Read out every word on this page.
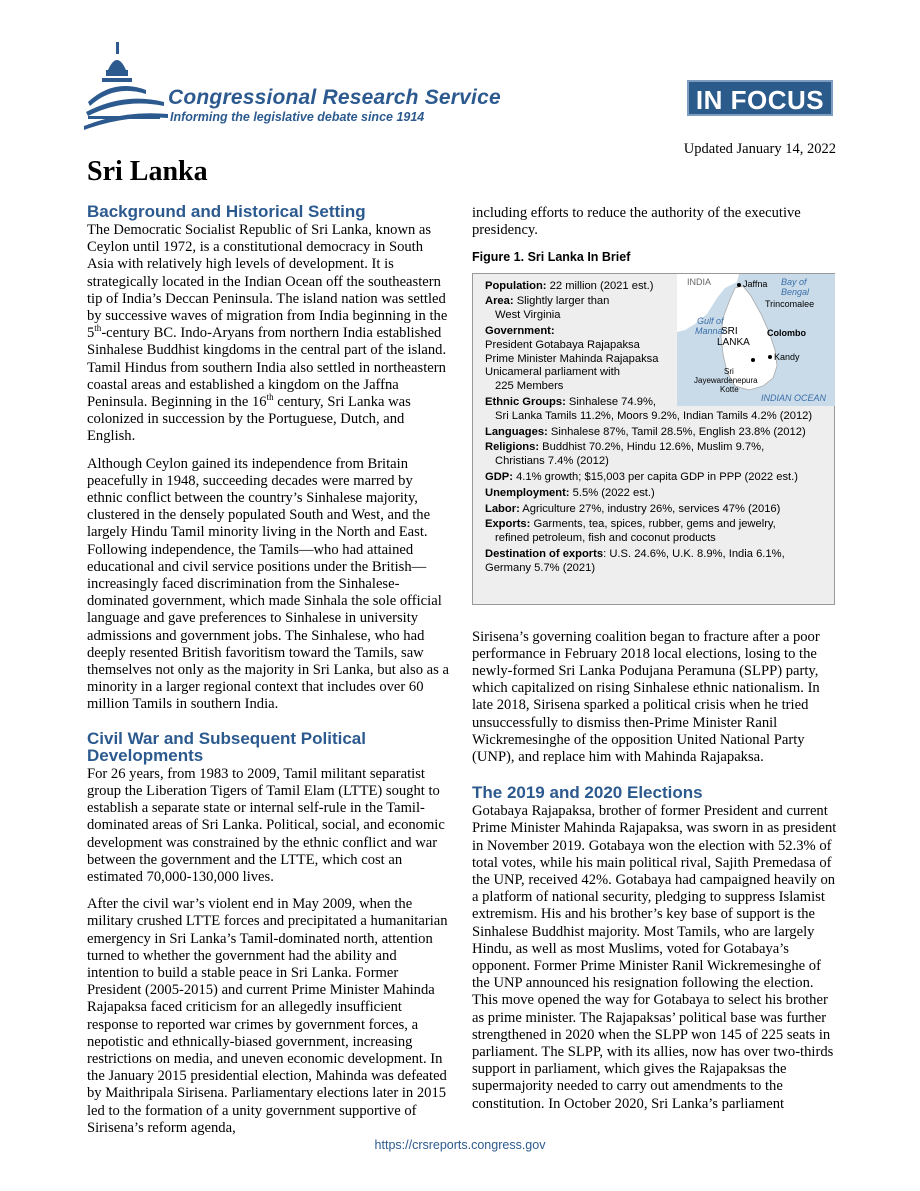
Congressional Research Service
Informing the legislative debate since 1914
IN FOCUS
Updated January 14, 2022
Sri Lanka
Background and Historical Setting

The Democratic Socialist Republic of Sri Lanka, known as Ceylon until 1972, is a constitutional democracy in South Asia with relatively high levels of development. It is strategically located in the Indian Ocean off the southeastern tip of India’s Deccan Peninsula. The island nation was settled by successive waves of migration from India beginning in the 5th-century BC. Indo-Aryans from northern India established Sinhalese Buddhist kingdoms in the central part of the island. Tamil Hindus from southern India also settled in northeastern coastal areas and established a kingdom on the Jaffna Peninsula. Beginning in the 16th century, Sri Lanka was colonized in succession by the Portuguese, Dutch, and English.

Although Ceylon gained its independence from Britain peacefully in 1948, succeeding decades were marred by ethnic conflict between the country’s Sinhalese majority, clustered in the densely populated South and West, and the largely Hindu Tamil minority living in the North and East. Following independence, the Tamils—who had attained educational and civil service positions under the British—increasingly faced discrimination from the Sinhalese-dominated government, which made Sinhala the sole official language and gave preferences to Sinhalese in university admissions and government jobs. The Sinhalese, who had deeply resented British favoritism toward the Tamils, saw themselves not only as the majority in Sri Lanka, but also as a minority in a larger regional context that includes over 60 million Tamils in southern India.

Civil War and Subsequent Political Developments

For 26 years, from 1983 to 2009, Tamil militant separatist group the Liberation Tigers of Tamil Elam (LTTE) sought to establish a separate state or internal self-rule in the Tamil-dominated areas of Sri Lanka. Political, social, and economic development was constrained by the ethnic conflict and war between the government and the LTTE, which cost an estimated 70,000-130,000 lives.

After the civil war’s violent end in May 2009, when the military crushed LTTE forces and precipitated a humanitarian emergency in Sri Lanka’s Tamil-dominated north, attention turned to whether the government had the ability and intention to build a stable peace in Sri Lanka. Former President (2005-2015) and current Prime Minister Mahinda Rajapaksa faced criticism for an allegedly insufficient response to reported war crimes by government forces, a nepotistic and ethnically-biased government, increasing restrictions on media, and uneven economic development. In the January 2015 presidential election, Mahinda was defeated by Maithripala Sirisena. Parliamentary elections later in 2015 led to the formation of a unity government supportive of Sirisena’s reform agenda,

including efforts to reduce the authority of the executive presidency.

Figure 1. Sri Lanka In Brief
INDIA	Jaffna
Colombo
SRI
LANKA
Trincomalee
Kandy
Sri
Jayewardenepura
Kotte
Bay of
Bengal
Gulf of
Mannar
INDIAN OCEAN
Population: 22 million (2021 est.)
Area: Slightly larger than
West Virginia
Government:
President Gotabaya Rajapaksa
Prime Minister Mahinda Rajapaksa
Unicameral parliament with
225 Members
Ethnic Groups: Sinhalese 74.9%,
Sri Lanka Tamils 11.2%, Moors 9.2%, Indian Tamils 4.2% (2012)
Languages: Sinhalese 87%, Tamil 28.5%, English 23.8% (2012)
Religions: Buddhist 70.2%, Hindu 12.6%, Muslim 9.7%,
Christians 7.4% (2012)
GDP: 4.1% growth; $15,003 per capita GDP in PPP (2022 est.)
Unemployment: 5.5% (2022 est.)
Labor: Agriculture 27%, industry 26%, services 47% (2016)
Exports: Garments, tea, spices, rubber, gems and jewelry,
refined petroleum, fish and coconut products
Destination of exports: U.S. 24.6%, U.K. 8.9%, India 6.1%,
Germany 5.7% (2021)

Sirisena’s governing coalition began to fracture after a poor performance in February 2018 local elections, losing to the newly-formed Sri Lanka Podujana Peramuna (SLPP) party, which capitalized on rising Sinhalese ethnic nationalism. In late 2018, Sirisena sparked a political crisis when he tried unsuccessfully to dismiss then-Prime Minister Ranil Wickremesinghe of the opposition United National Party (UNP), and replace him with Mahinda Rajapaksa.

The 2019 and 2020 Elections

Gotabaya Rajapaksa, brother of former President and current Prime Minister Mahinda Rajapaksa, was sworn in as president in November 2019. Gotabaya won the election with 52.3% of total votes, while his main political rival, Sajith Premedasa of the UNP, received 42%. Gotabaya had campaigned heavily on a platform of national security, pledging to suppress Islamist extremism. His and his brother’s key base of support is the Sinhalese Buddhist majority. Most Tamils, who are largely Hindu, as well as most Muslims, voted for Gotabaya’s opponent. Former Prime Minister Ranil Wickremesinghe of the UNP announced his resignation following the election. This move opened the way for Gotabaya to select his brother as prime minister. The Rajapaksas’ political base was further strengthened in 2020 when the SLPP won 145 of 225 seats in parliament. The SLPP, with its allies, now has over two-thirds support in parliament, which gives the Rajapaksas the supermajority needed to carry out amendments to the constitution. In October 2020, Sri Lanka’s parliament

https://crsreports.congress.gov
